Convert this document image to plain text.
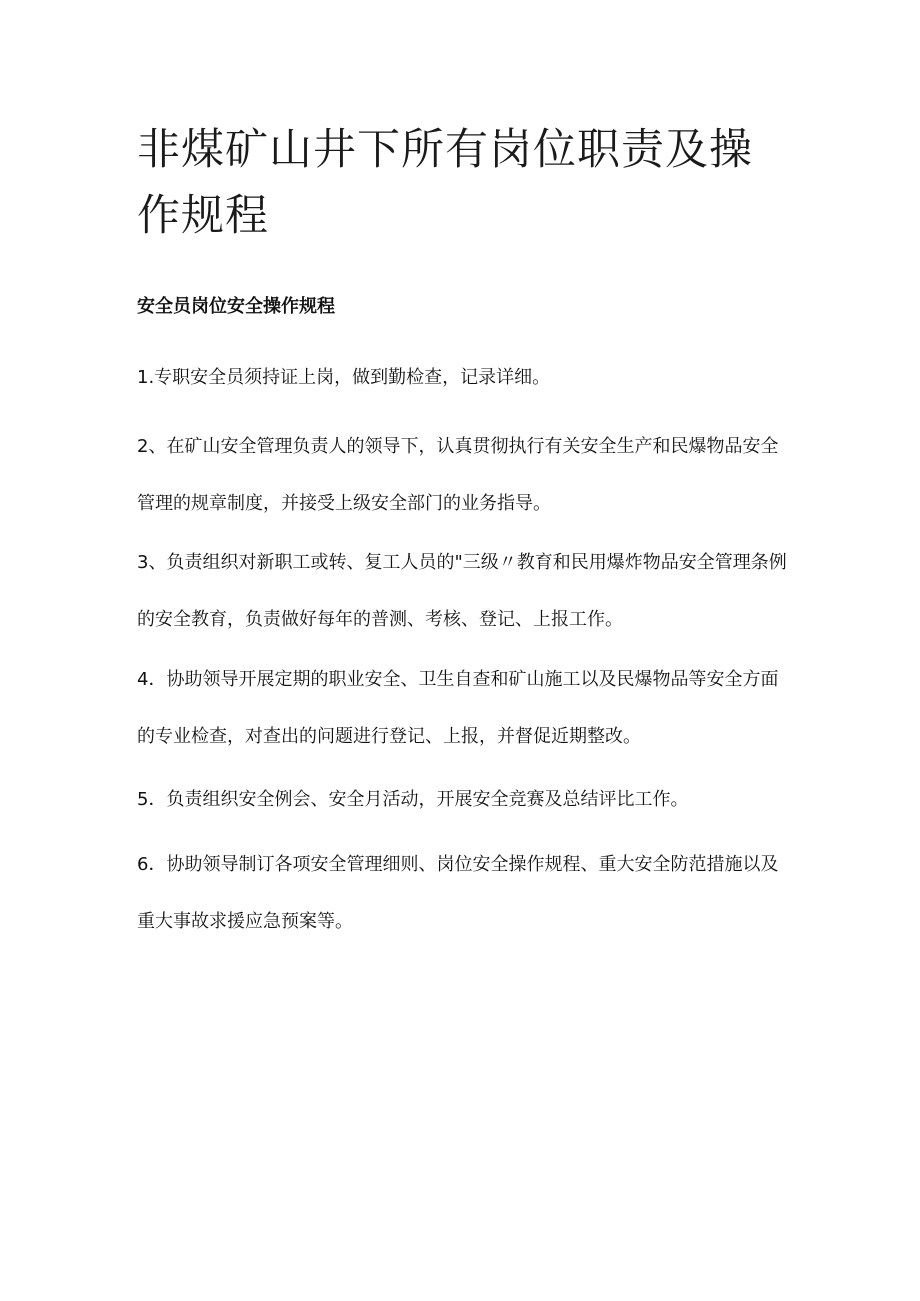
非煤矿山井下所有岗位职责及操作规程
安全员岗位安全操作规程

1.专职安全员须持证上岗，做到勤检查，记录详细。

2、在矿山安全管理负责人的领导下，认真贯彻执行有关安全生产和民爆物品安全管理的规章制度，并接受上级安全部门的业务指导。

3、负责组织对新职工或转、复工人员的"三级〃教育和民用爆炸物品安全管理条例的安全教育，负责做好每年的普测、考核、登记、上报工作。

4．协助领导开展定期的职业安全、卫生自查和矿山施工以及民爆物品等安全方面的专业检查，对查出的问题进行登记、上报，并督促近期整改。

5．负责组织安全例会、安全月活动，开展安全竞赛及总结评比工作。

6．协助领导制订各项安全管理细则、岗位安全操作规程、重大安全防范措施以及重大事故求援应急预案等。
